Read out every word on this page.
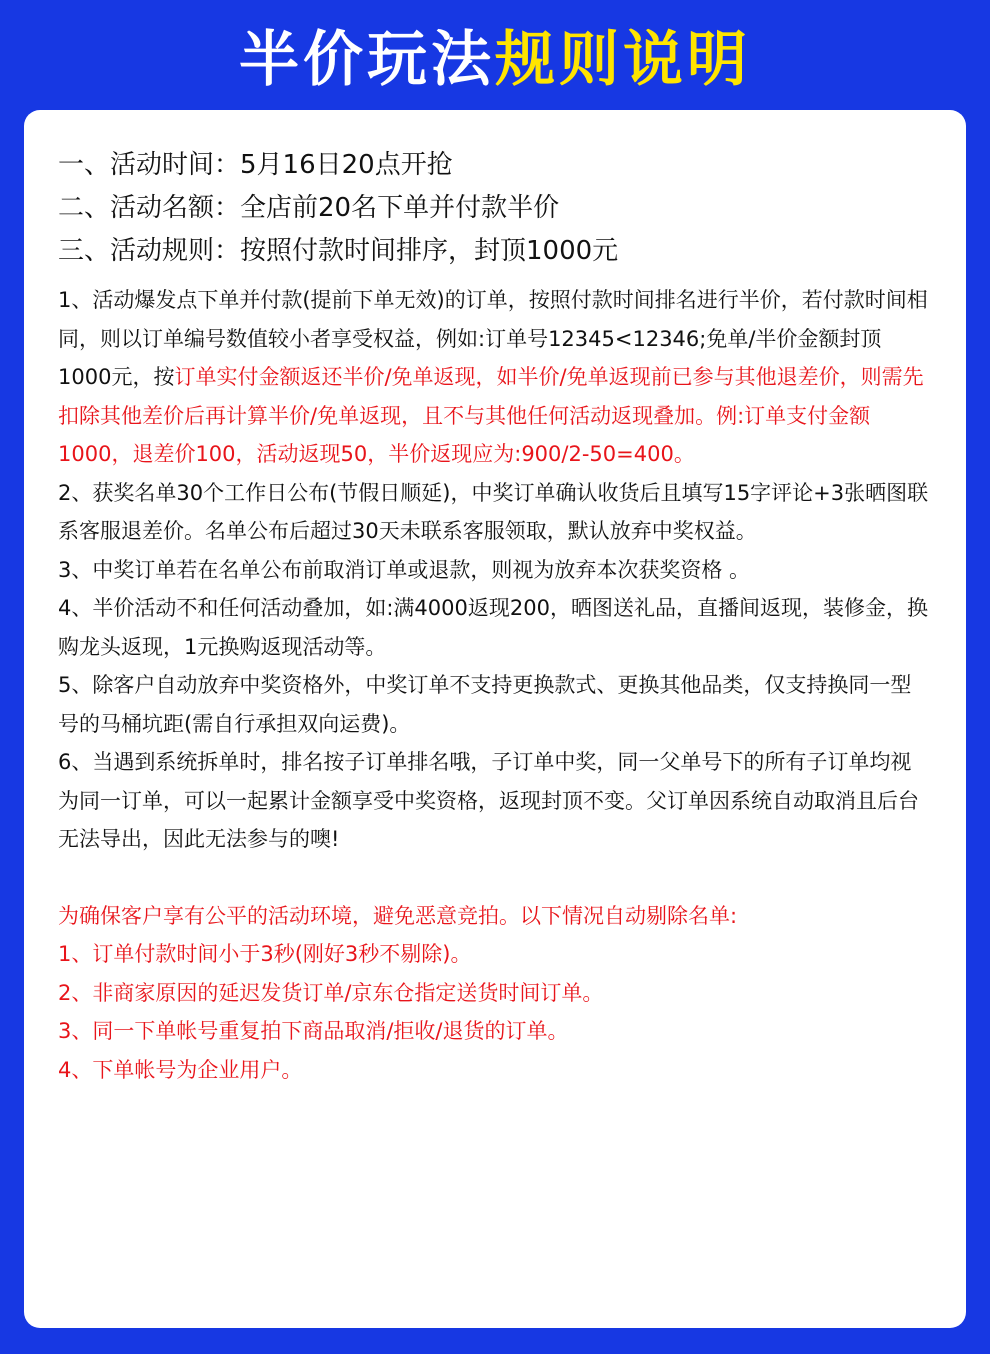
半价玩法 规则说明
一、活动时间：5月16日20点开抢
二、活动名额：全店前20名下单并付款半价
三、活动规则：按照付款时间排序，封顶1000元
1、活动爆发点下单并付款(提前下单无效)的订单，按照付款时间排名进行半价，若付款时间相同，则以订单编号数值较小者享受权益，例如:订单号12345<12346;免单/半价金额封顶1000元，按订单实付金额返还半价/免单返现，如半价/免单返现前已参与其他退差价，则需先扣除其他差价后再计算半价/免单返现，且不与其他任何活动返现叠加。例:订单支付金额1000，退差价100，活动返现50，半价返现应为:900/2-50=400。
2、获奖名单30个工作日公布(节假日顺延)，中奖订单确认收货后且填写15字评论+3张晒图联系客服退差价。名单公布后超过30天未联系客服领取，默认放弃中奖权益。
3、中奖订单若在名单公布前取消订单或退款，则视为放弃本次获奖资格 。
4、半价活动不和任何活动叠加，如:满4000返现200，晒图送礼品，直播间返现，装修金，换购龙头返现，1元换购返现活动等。
5、除客户自动放弃中奖资格外，中奖订单不支持更换款式、更换其他品类，仅支持换同一型号的马桶坑距(需自行承担双向运费)。
6、当遇到系统拆单时，排名按子订单排名哦，子订单中奖，同一父单号下的所有子订单均视为同一订单，可以一起累计金额享受中奖资格，返现封顶不变。父订单因系统自动取消且后台无法导出，因此无法参与的噢!
为确保客户享有公平的活动环境，避免恶意竞拍。以下情况自动剔除名单:
1、订单付款时间小于3秒(刚好3秒不剔除)。
2、非商家原因的延迟发货订单/京东仓指定送货时间订单。
3、同一下单帐号重复拍下商品取消/拒收/退货的订单。
4、下单帐号为企业用户。
